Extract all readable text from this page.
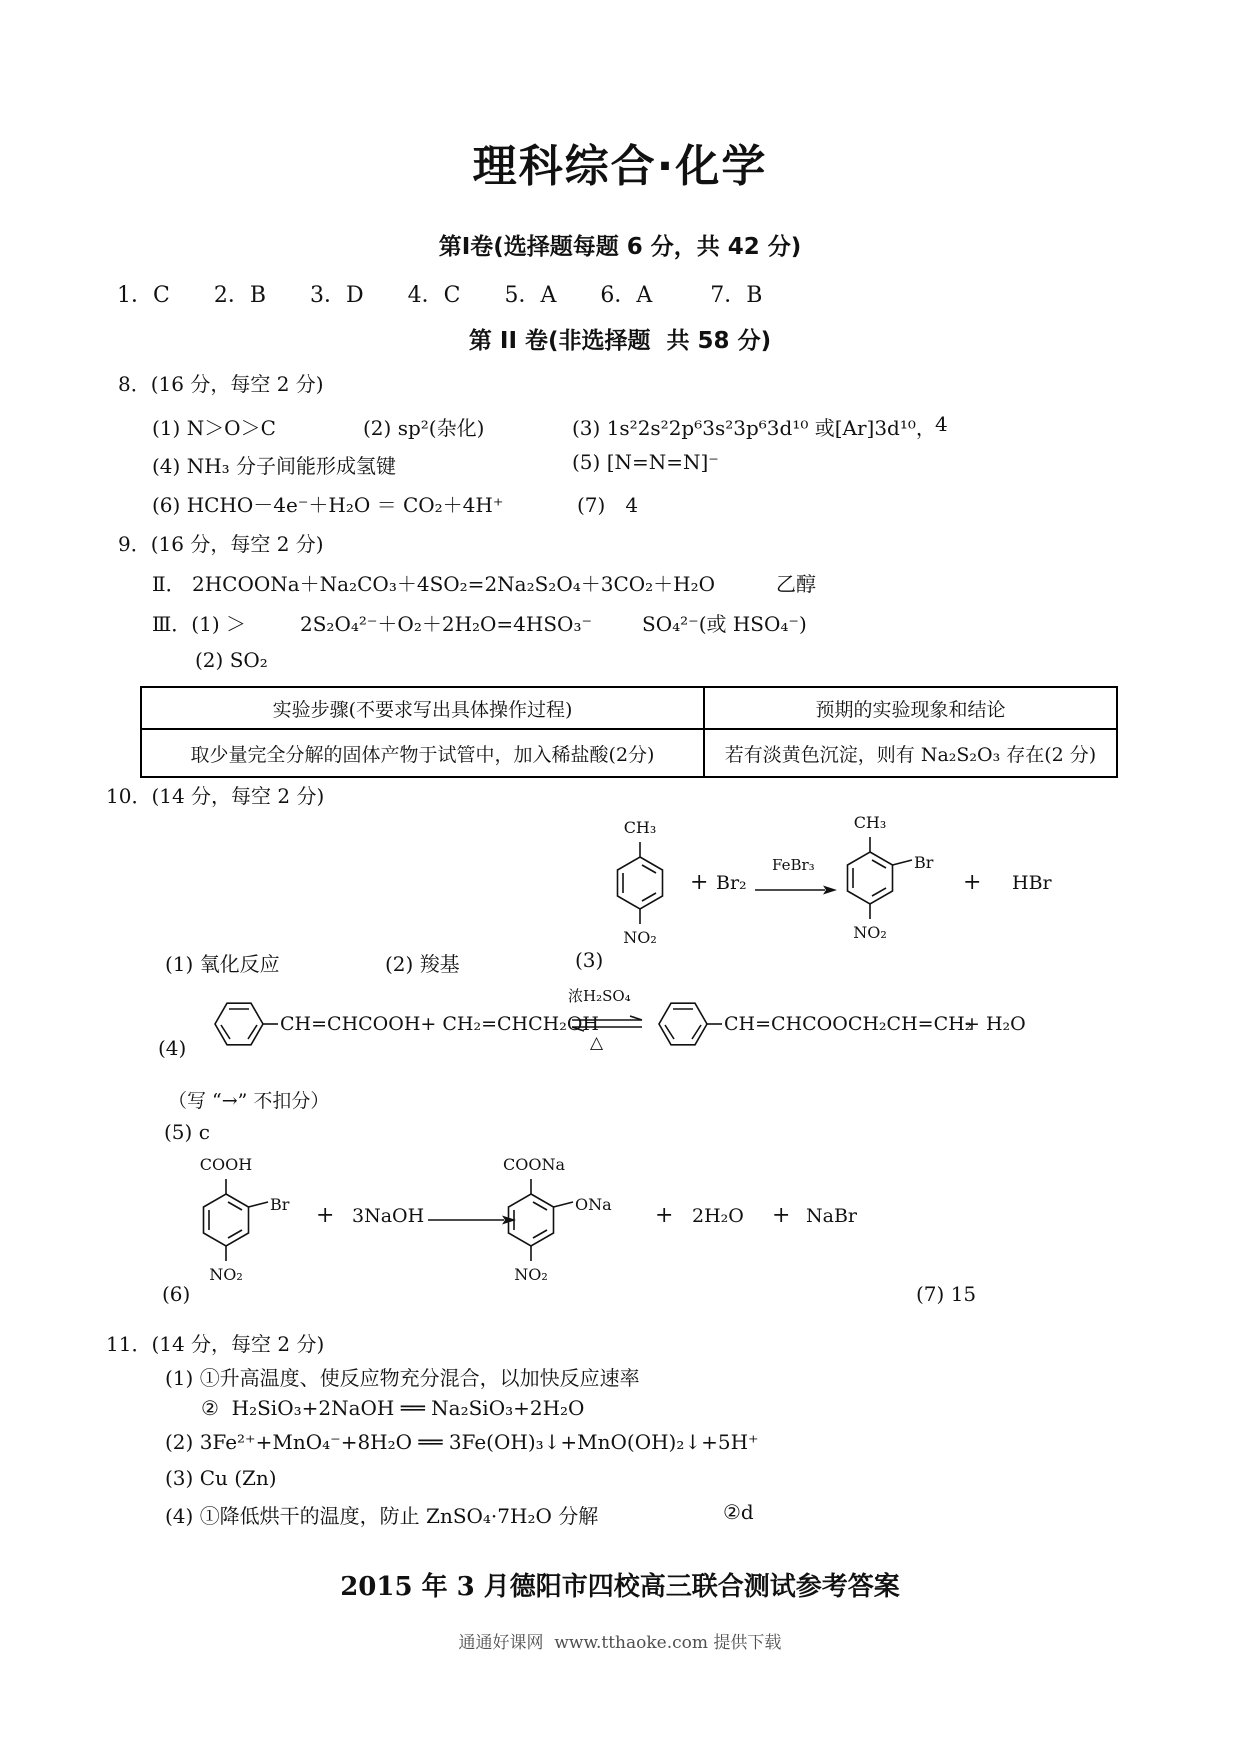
理科综合·化学
第Ⅰ卷(选择题每题 6 分，共 42 分)
1．C 2．B 3．D 4．C 5．A 6．A	7．B
第 II 卷(非选择题  共 58 分)
8．(16 分，每空 2 分)
(1) N＞O＞C	(2) sp²(杂化)	(3) 1s²2s²2p⁶3s²3p⁶3d¹⁰ 或[Ar]3d¹⁰， 4
(4) NH₃ 分子间能形成氢键	(5) [N=N=N]⁻
(6) HCHO－4e⁻＋H₂O ＝ CO₂＋4H⁺	(7)　4
9．(16 分，每空 2 分)
Ⅱ． 2HCOONa＋Na₂CO₃＋4SO₂=2Na₂S₂O₄＋3CO₂＋H₂O	乙醇
Ⅲ．(1) ＞	2S₂O₄²⁻＋O₂＋2H₂O=4HSO₃⁻ SO₄²⁻(或 HSO₄⁻)
(2) SO₂
实验步骤(不要求写出具体操作过程)	预期的实验现象和结论
取少量完全分解的固体产物于试管中，加入稀盐酸(2分)	若有淡黄色沉淀，则有 Na₂S₂O₃ 存在(2 分)
10．(14 分，每空 2 分)
CH₃
NO₂
+ Br₂
FeBr₃
CH₃
NO₂
Br
+ HBr
(1) 氧化反应	(2) 羧基	(3)
(4)
CH=CHCOOH+ CH₂=CHCH₂OH
浓H₂SO₄
△
CH=CHCOOCH₂CH=CH₂
+ H₂O
（写 “→” 不扣分）
(5) c
COOH
NO₂
Br + 3NaOH
COONa
NO₂
ONa + 2H₂O + NaBr
(6)	(7) 15
11．(14 分，每空 2 分)
(1) ①升高温度、使反应物充分混合，以加快反应速率
②  H₂SiO₃+2NaOH ══ Na₂SiO₃+2H₂O
(2) 3Fe²⁺+MnO₄⁻+8H₂O ══ 3Fe(OH)₃↓+MnO(OH)₂↓+5H⁺
(3) Cu (Zn)
(4) ①降低烘干的温度，防止 ZnSO₄·7H₂O 分解	②d
2015 年 3 月德阳市四校高三联合测试参考答案
通通好课网  www.tthaoke.com 提供下载
